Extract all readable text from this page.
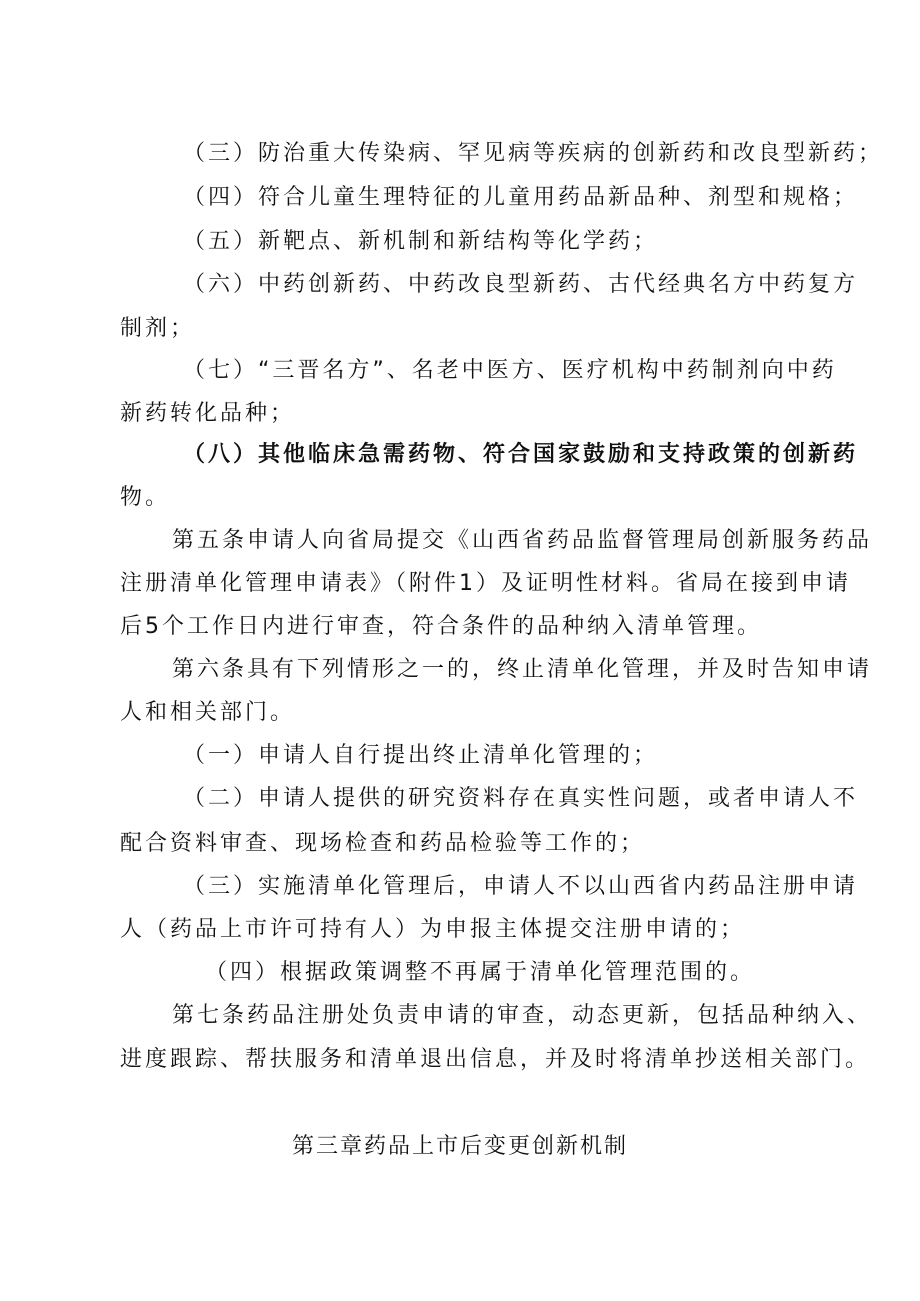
（三）防治重大传染病、罕见病等疾病的创新药和改良型新药；
（四）符合儿童生理特征的儿童用药品新品种、剂型和规格；
（五）新靶点、新机制和新结构等化学药；
（六）中药创新药、中药改良型新药、古代经典名方中药复方
制剂；
（七）“三晋名方”、名老中医方、医疗机构中药制剂向中药
新药转化品种；
（八）其他临床急需药物、符合国家鼓励和支持政策的创新药
物。
第五条申请人向省局提交《山西省药品监督管理局创新服务药品
注册清单化管理申请表》（附件1）及证明性材料。省局在接到申请
后5个工作日内进行审查，符合条件的品种纳入清单管理。
第六条具有下列情形之一的，终止清单化管理，并及时告知申请
人和相关部门。
（一）申请人自行提出终止清单化管理的；
（二）申请人提供的研究资料存在真实性问题，或者申请人不
配合资料审查、现场检查和药品检验等工作的；
（三）实施清单化管理后，申请人不以山西省内药品注册申请
人（药品上市许可持有人）为申报主体提交注册申请的；
（四）根据政策调整不再属于清单化管理范围的。
第七条药品注册处负责申请的审查，动态更新，包括品种纳入、
进度跟踪、帮扶服务和清单退出信息，并及时将清单抄送相关部门。
第三章药品上市后变更创新机制
